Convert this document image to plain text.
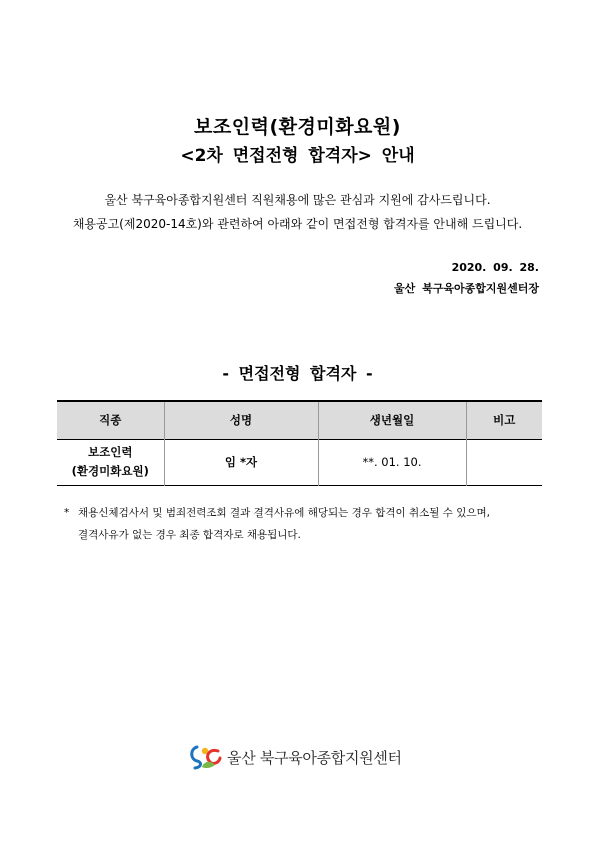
보조인력(환경미화요원)
<2차 면접전형 합격자> 안내
울산 북구육아종합지원센터 직원채용에 많은 관심과 지원에 감사드립니다.
채용공고(제2020-14호)와 관련하여 아래와 같이 면접전형 합격자를 안내해 드립니다.
2020. 09. 28.
울산 북구육아종합지원센터장
- 면접전형 합격자 -
직종	성명	생년월일	비고

보조인력
(환경미화요원)	임 *자	**. 01. 10.	
* 채용신체검사서 및 범죄전력조회 결과 결격사유에 해당되는 경우 합격이 취소될 수 있으며,
결격사유가 없는 경우 최종 합격자로 채용됩니다.
울산 북구육아종합지원센터
